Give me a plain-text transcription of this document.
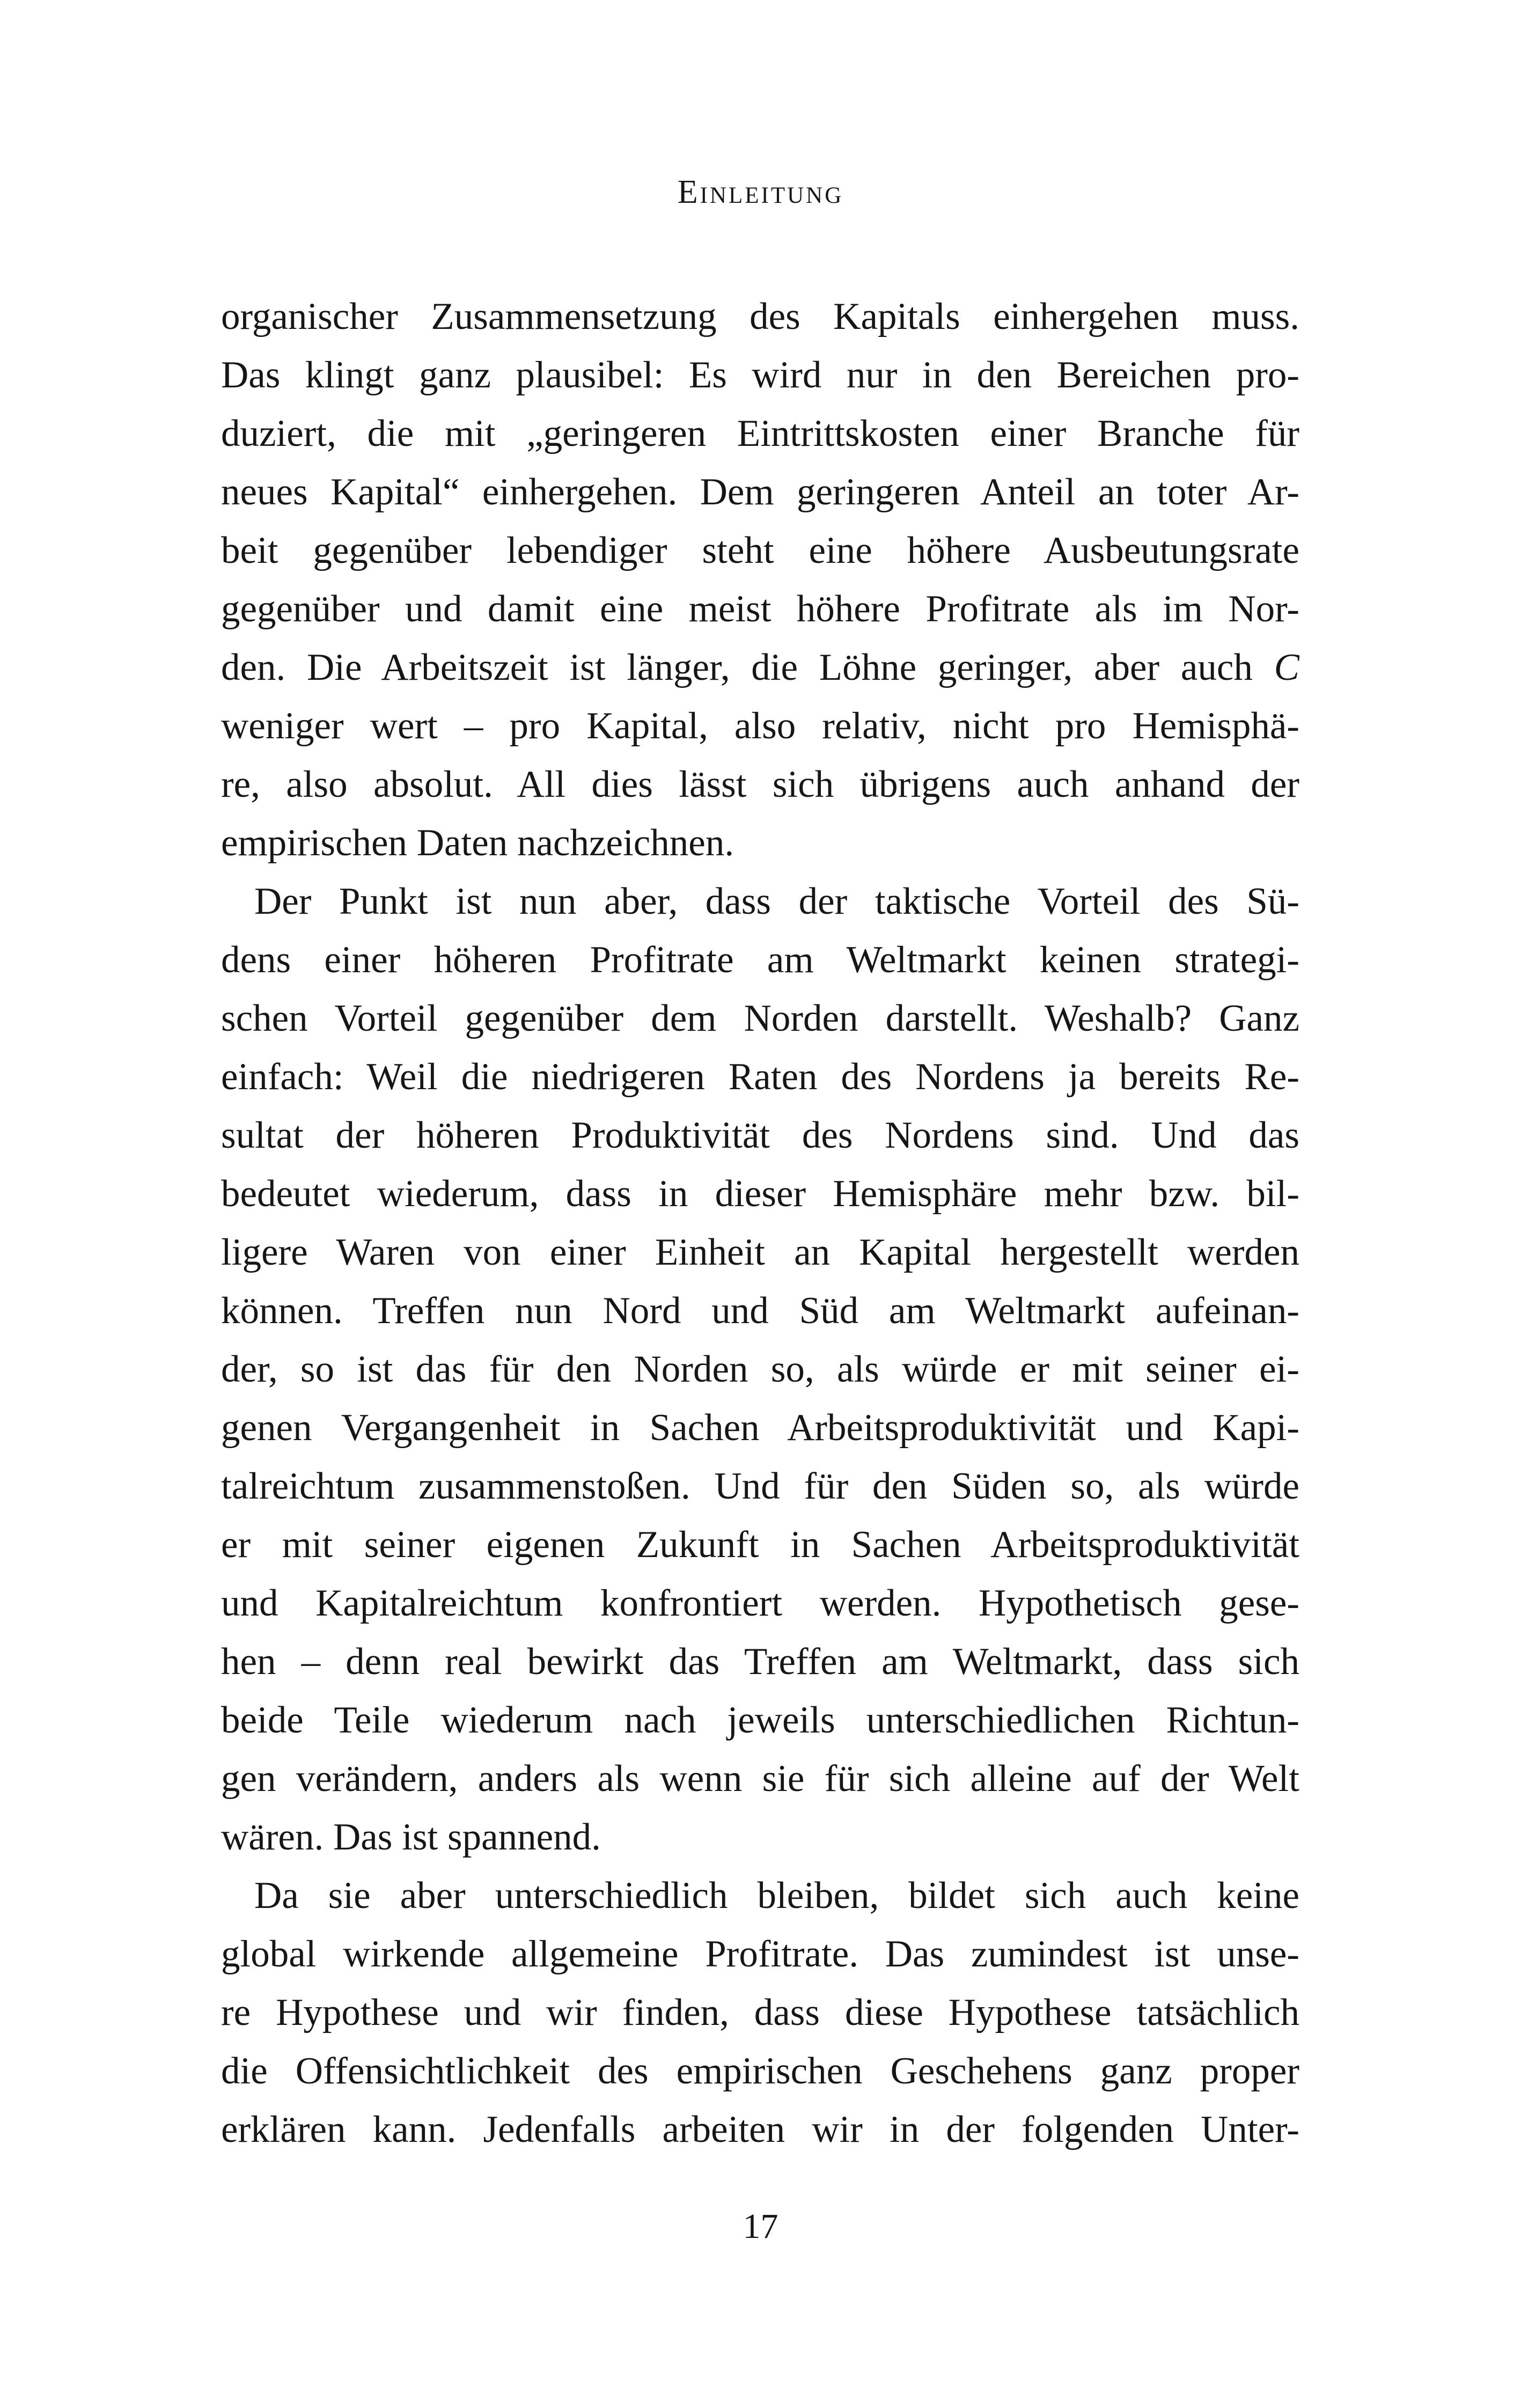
Einleitung
organischer Zusammensetzung des Kapitals einhergehen muss.
Das klingt ganz plausibel: Es wird nur in den Bereichen pro-
duziert, die mit „geringeren Eintrittskosten einer Branche für
neues Kapital“ einhergehen. Dem geringeren Anteil an toter Ar-
beit gegenüber lebendiger steht eine höhere Ausbeutungsrate
gegenüber und damit eine meist höhere Profitrate als im Nor-
den. Die Arbeitszeit ist länger, die Löhne geringer, aber auch C
weniger wert – pro Kapital, also relativ, nicht pro Hemisphä-
re, also absolut. All dies lässt sich übrigens auch anhand der
empirischen Daten nachzeichnen.
Der Punkt ist nun aber, dass der taktische Vorteil des Sü-
dens einer höheren Profitrate am Weltmarkt keinen strategi-
schen Vorteil gegenüber dem Norden darstellt. Weshalb? Ganz
einfach: Weil die niedrigeren Raten des Nordens ja bereits Re-
sultat der höheren Produktivität des Nordens sind. Und das
bedeutet wiederum, dass in dieser Hemisphäre mehr bzw. bil-
ligere Waren von einer Einheit an Kapital hergestellt werden
können. Treffen nun Nord und Süd am Weltmarkt aufeinan-
der, so ist das für den Norden so, als würde er mit seiner ei-
genen Vergangenheit in Sachen Arbeitsproduktivität und Kapi-
talreichtum zusammenstoßen. Und für den Süden so, als würde
er mit seiner eigenen Zukunft in Sachen Arbeitsproduktivität
und Kapitalreichtum konfrontiert werden. Hypothetisch gese-
hen – denn real bewirkt das Treffen am Weltmarkt, dass sich
beide Teile wiederum nach jeweils unterschiedlichen Richtun-
gen verändern, anders als wenn sie für sich alleine auf der Welt
wären. Das ist spannend.
Da sie aber unterschiedlich bleiben, bildet sich auch keine
global wirkende allgemeine Profitrate. Das zumindest ist unse-
re Hypothese und wir finden, dass diese Hypothese tatsächlich
die Offensichtlichkeit des empirischen Geschehens ganz proper
erklären kann. Jedenfalls arbeiten wir in der folgenden Unter-
17
